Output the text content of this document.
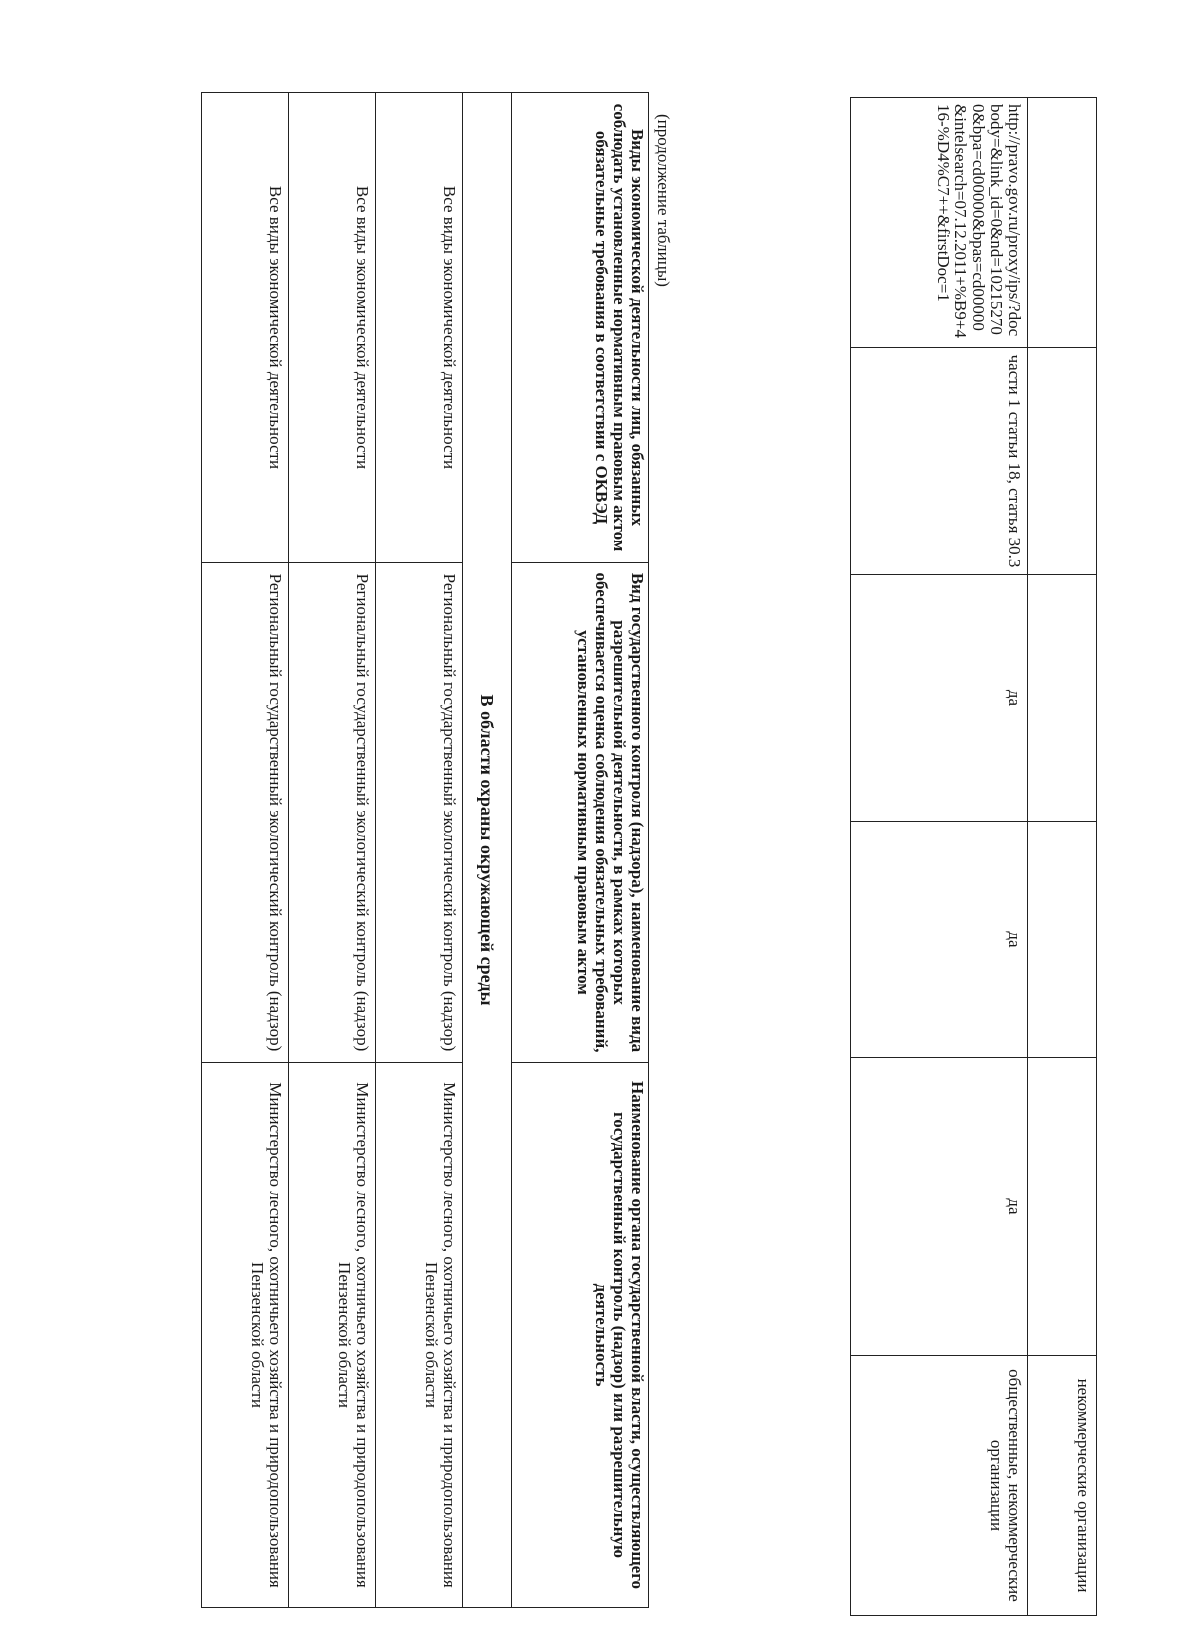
					некоммерческие организации
http://pravo.gov.ru/proxy/ips/?docbody=&link_id=0&nd=102152700&bpa=cd00000&bpas=cd00000&intelsearch=07.12.2011+%B9+416-%D4%C7++&firstDoc=1	части 1 статьи 18, статья 30.3	да	да	да	общественные, некоммерческие организации
(продолжение таблицы)
Виды экономической деятельности лиц, обязанных соблюдать установленные нормативным правовым актом обязательные требования в соответствии с ОКВЭД	Вид государственного контроля (надзора), наименование вида разрешительной деятельности, в рамках которых обеспечивается оценка соблюдения обязательных требований, установленных нормативным правовым актом	Наименование органа государственной власти, осуществляющего государственный контроль (надзор) или разрешительную деятельность
В области охраны окружающей среды		
Все виды экономической деятельности	Региональный государственный экологический контроль (надзор)	Министерство лесного, охотничьего хозяйства и природопользования Пензенской области
Все виды экономической деятельности	Региональный государственный экологический контроль (надзор)	Министерство лесного, охотничьего хозяйства и природопользования Пензенской области
Все виды экономической деятельности	Региональный государственный экологический контроль (надзор)	Министерство лесного, охотничьего хозяйства и природопользования Пензенской области
